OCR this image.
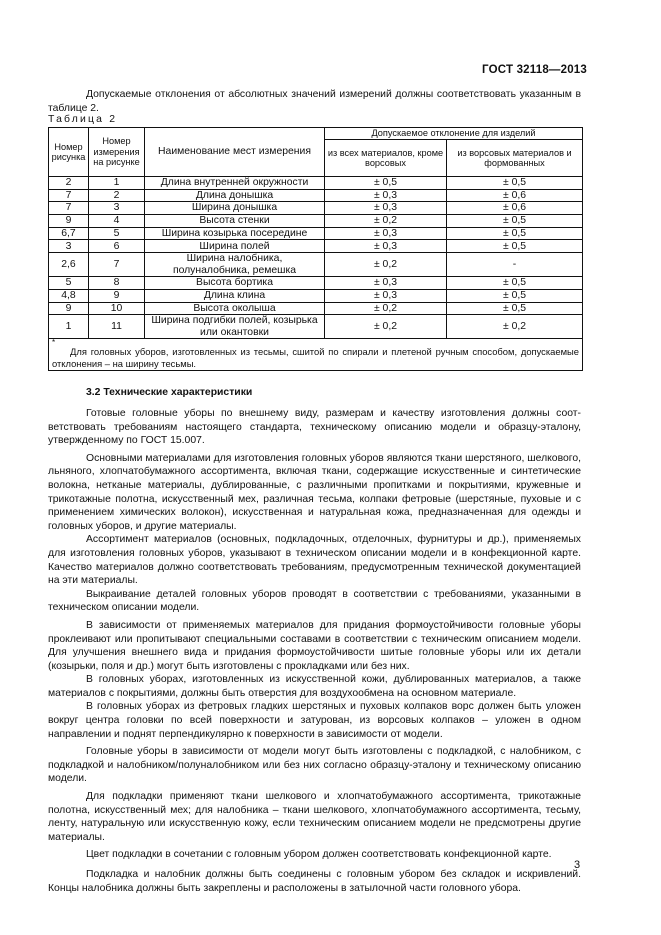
ГОСТ 32118—2013
Допускаемые отклонения от абсолютных значений измерений должны соответствовать указанным в таблице 2.
Таблица 2
Номер рисунка	Номер измерения на рисунке	Наименование мест измерения	Допускаемое отклонение для изделий	
			из всех материалов, кроме ворсовых	из ворсовых материалов и формованных
2	1	Длина внутренней окружности	± 0,5	± 0,5
7	2	Длина донышка	± 0,3	± 0,6
7	3	Ширина донышка	± 0,3	± 0,6
9	4	Высота стенки	± 0,2	± 0,5
6,7	5	Ширина козырька посередине	± 0,3	± 0,5
3	6	Ширина полей	± 0,3	± 0,5
2,6	7	Ширина налобника, полуналобника, ремешка	± 0,2	-
5	8	Высота бортика	± 0,3	± 0,5
4,8	9	Длина клина	± 0,3	± 0,5
9	10	Высота околыша	± 0,2	± 0,5
1	11	Ширина подгибки полей, козырька или окантовки	± 0,2	± 0,2

*
Для головных уборов, изготовленных из тесьмы, сшитой по спирали и плетеной ручным способом, допускаемые отклонения – на ширину тесьмы.				
3.2 Технические характеристики
Готовые головные уборы по внешнему виду, размерам и качеству изготовления должны соответствовать требованиям настоящего стандарта, техническому описанию модели и образцу-эталону, утвержденному по ГОСТ 15.007.
Основными материалами для изготовления головных уборов являются ткани шерстяного, шелкового, льняного, хлопчатобумажного ассортимента, включая ткани, содержащие искусственные и синтетические волокна, нетканые материалы, дублированные, с различными пропитками и покрытиями, кружевные и трикотажные полотна, искусственный мех, различная тесьма, колпаки фетровые (шерстяные, пуховые и с применением химических волокон), искусственная и натуральная кожа, предназначенная для одежды и головных уборов, и другие материалы.
Ассортимент материалов (основных, подкладочных, отделочных, фурнитуры и др.), применяемых для изготовления головных уборов, указывают в техническом описании модели и в конфекционной карте. Качество материалов должно соответствовать требованиям, предусмотренным технической документацией на эти материалы.
Выкраивание деталей головных уборов проводят в соответствии с требованиями, указанными в техническом описании модели.
В зависимости от применяемых материалов для придания формоустойчивости головные уборы проклеивают или пропитывают специальными составами в соответствии с техническим описанием модели. Для улучшения внешнего вида и придания формоустойчивости шитые головные уборы или их детали (козырьки, поля и др.) могут быть изготовлены с прокладками или без них.
В головных уборах, изготовленных из искусственной кожи, дублированных материалов, а также материалов с покрытиями, должны быть отверстия для воздухообмена на основном материале.
В головных уборах из фетровых гладких шерстяных и пуховых колпаков ворс должен быть уложен вокруг центра головки по всей поверхности и затурован, из ворсовых колпаков – уложен в одном направлении и поднят перпендикулярно к поверхности в зависимости от модели.
Головные уборы в зависимости от модели могут быть изготовлены с подкладкой, с налобником, с подкладкой и налобником/полуналобником или без них согласно образцу-эталону и техническому описанию модели.
Для подкладки применяют ткани шелкового и хлопчатобумажного ассортимента, трикотажные полотна, искусственный мех; для налобника – ткани шелкового, хлопчатобумажного ассортимента, тесьму, ленту, натуральную или искусственную кожу, если техническим описанием модели не предсмотрены другие материалы.
Цвет подкладки в сочетании с головным убором должен соответствовать конфекционной карте.
Подкладка и налобник должны быть соединены с головным убором без складок и искривлений. Концы налобника должны быть закреплены и расположены в затылочной части головного убора.
3
